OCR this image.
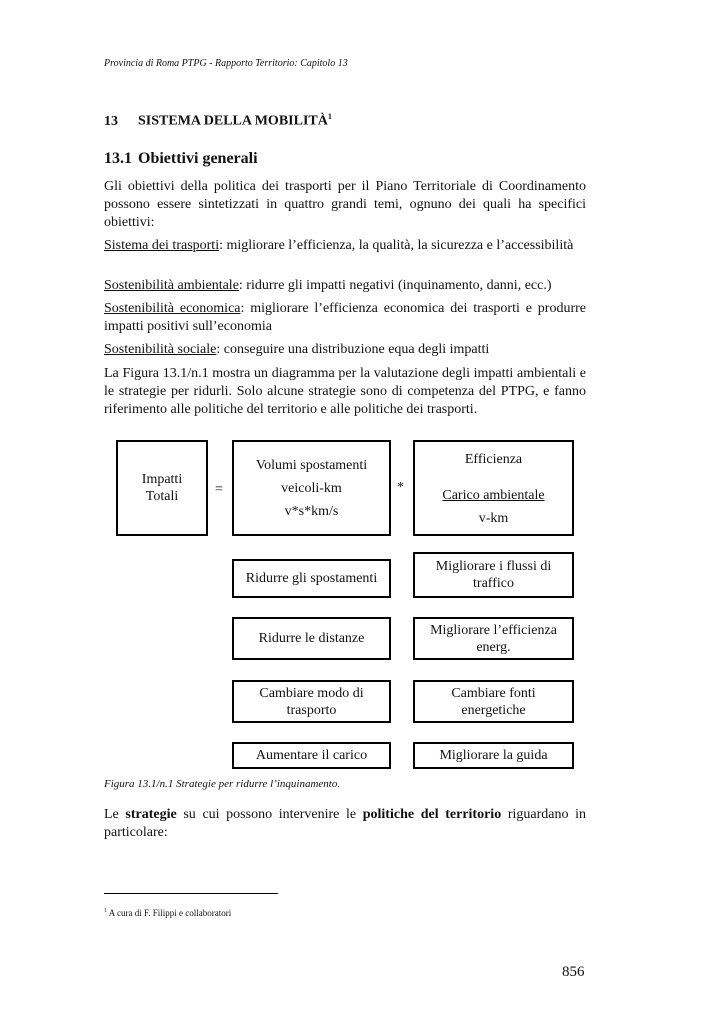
Provincia di Roma PTPG - Rapporto Territorio: Capitolo 13
13 SISTEMA DELLA MOBILITÀ$^1$
13.1 Obiettivi generali
Gli obiettivi della politica dei trasporti per il Piano Territoriale di Coordinamento possono essere sintetizzati in quattro grandi temi, ognuno dei quali ha specifici obiettivi:
Sistema dei trasporti: migliorare l’efficienza, la qualità, la sicurezza e l’accessibilità
Sostenibilità ambientale: ridurre gli impatti negativi (inquinamento, danni, ecc.)
Sostenibilità economica: migliorare l’efficienza economica dei trasporti e produrre impatti positivi sull’economia
Sostenibilità sociale: conseguire una distribuzione equa degli impatti
La Figura 13.1/n.1 mostra un diagramma per la valutazione degli impatti ambientali e le strategie per ridurli. Solo alcune strategie sono di competenza del PTPG, e fanno riferimento alle politiche del territorio e alle politiche dei trasporti.
Impatti
Totali	=
Volumi spostamenti
veicoli-km
v*s*km/s
*
Efficienza
Carico ambientale
v-km
Ridurre gli spostamenti
Ridurre le distanze
Cambiare modo di trasporto
Aumentare il carico
Migliorare i flussi di traffico
Migliorare l’efficienza energ.
Cambiare fonti energetiche
Migliorare la guida
Figura 13.1/n.1 Strategie per ridurre l’inquinamento.
Le strategie su cui possono intervenire le politiche del territorio riguardano in particolare:
$^1$ A cura di F. Filippi e collaboratori
856
